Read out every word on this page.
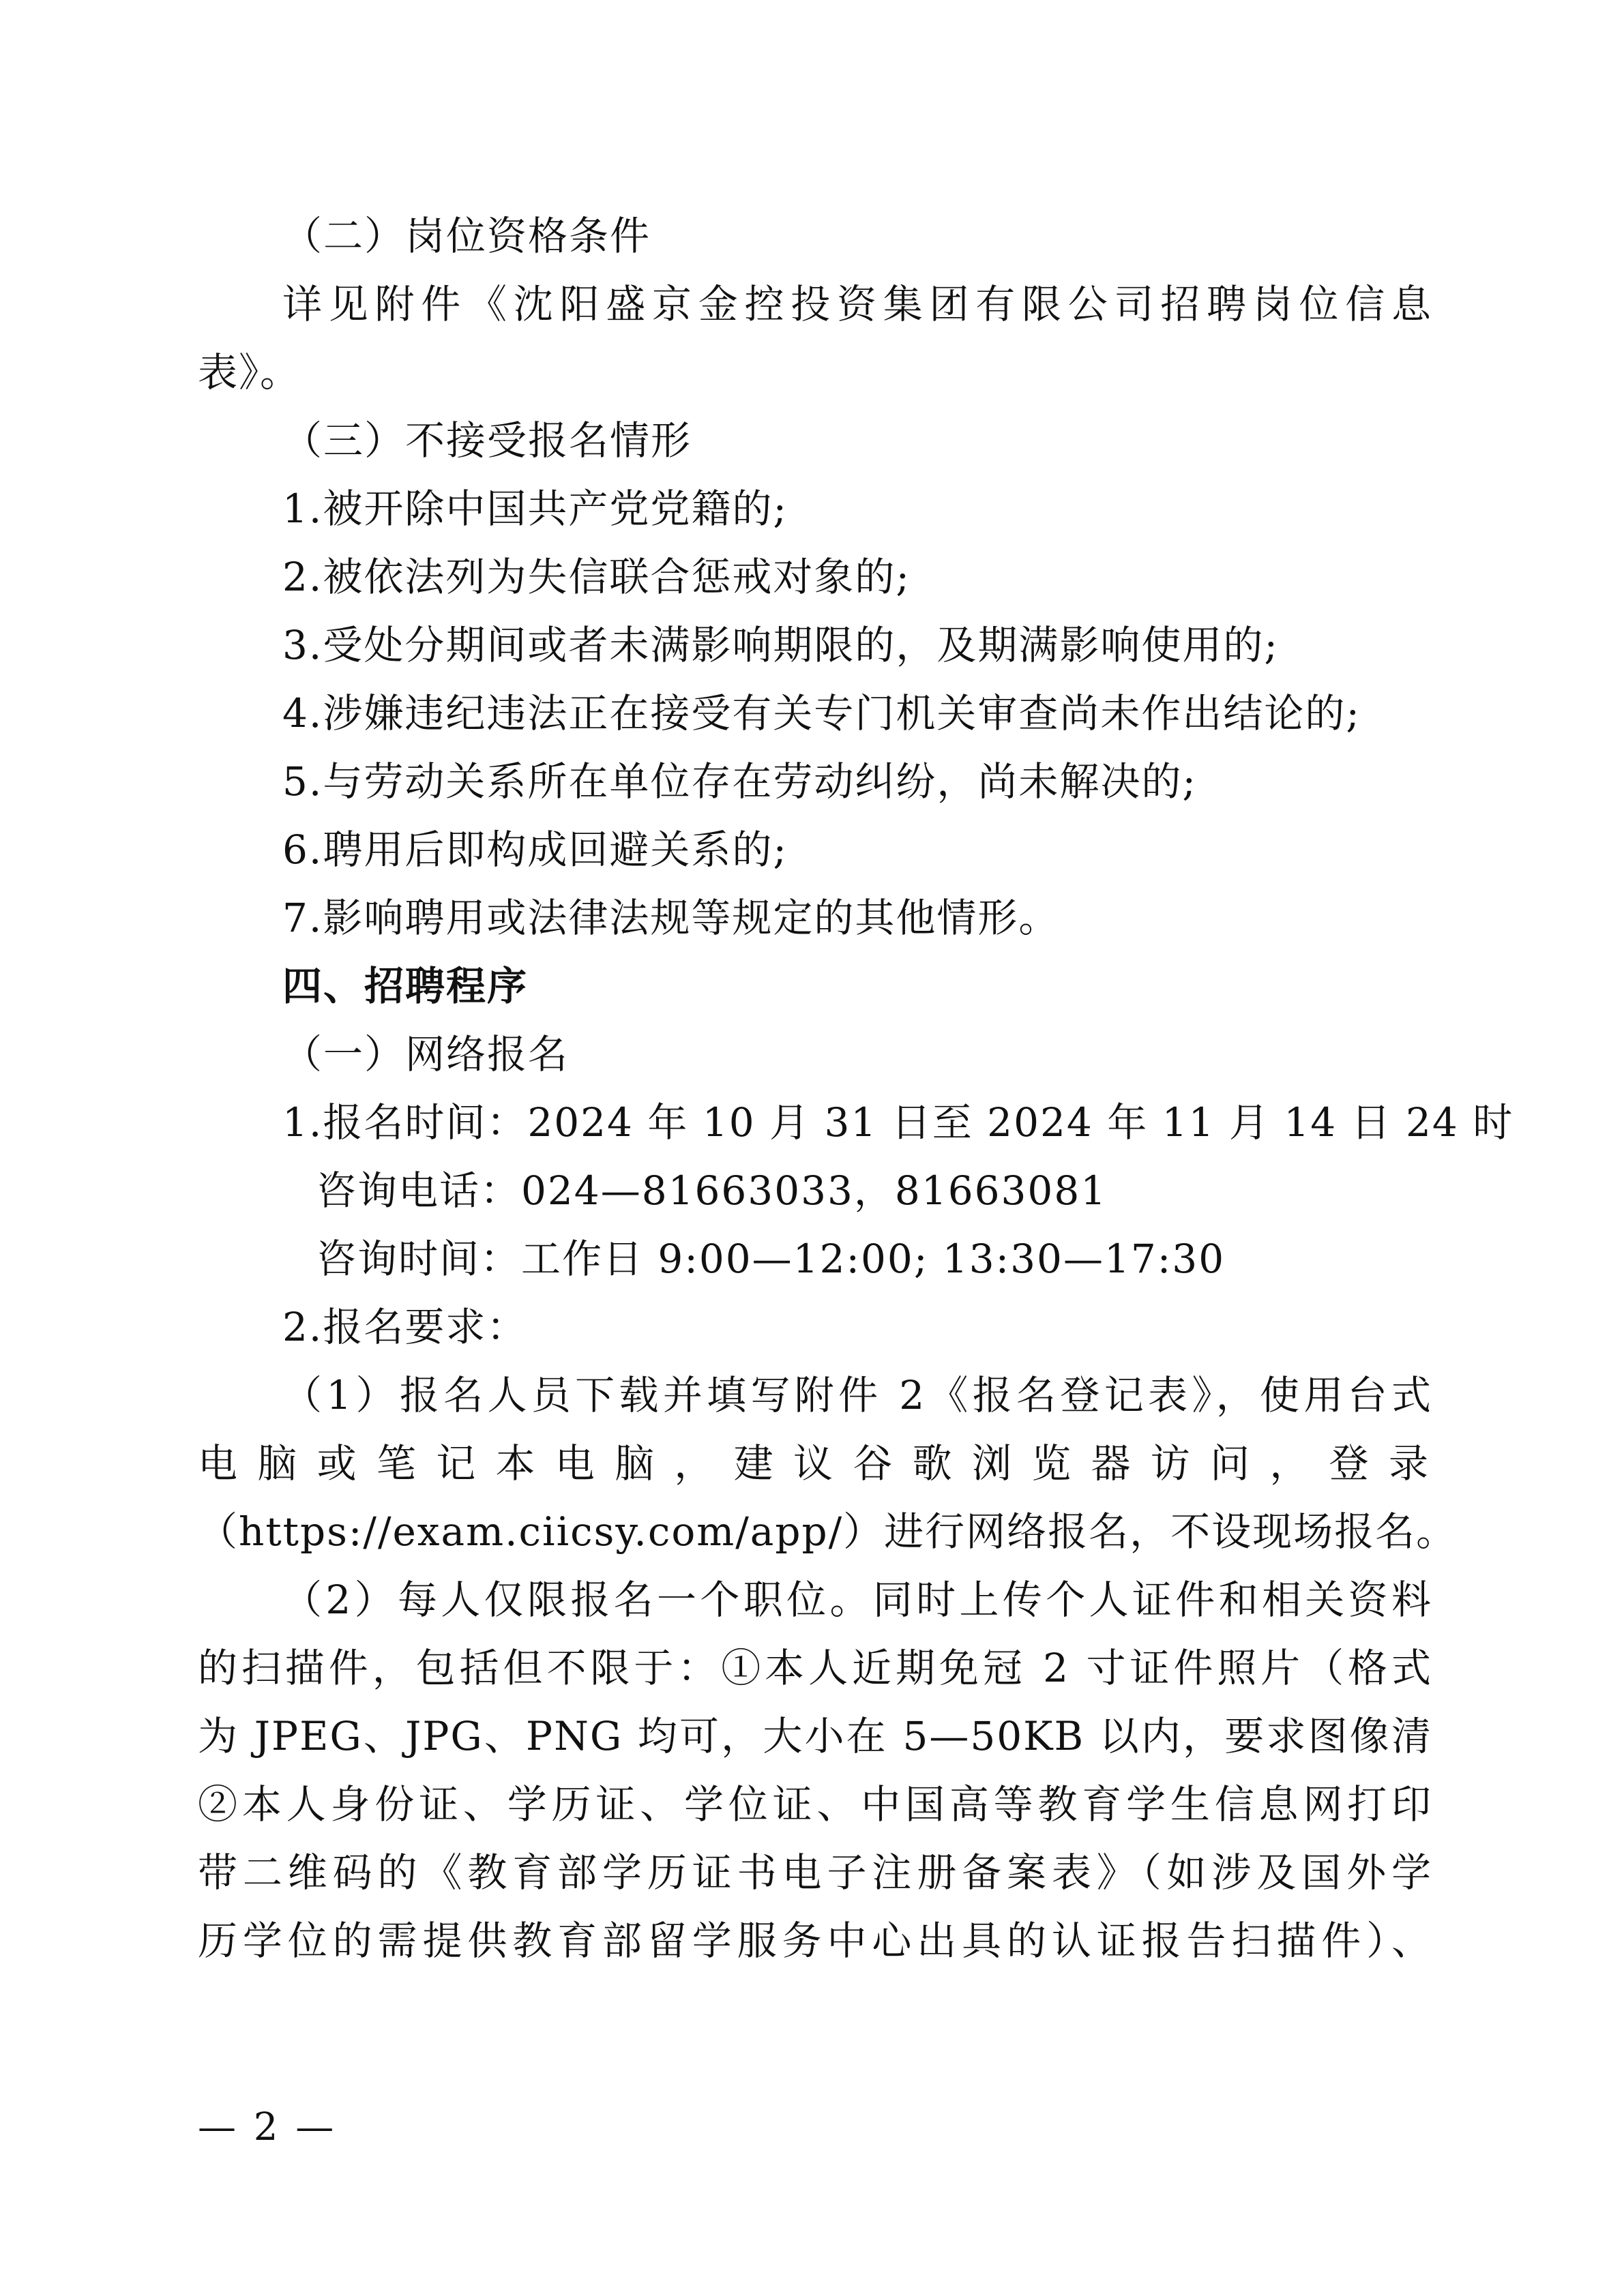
（二）岗位资格条件
详见附件《沈阳盛京金控投资集团有限公司招聘岗位信息
表》。
（三）不接受报名情形
1.被开除中国共产党党籍的;
2.被依法列为失信联合惩戒对象的;
3.受处分期间或者未满影响期限的，及期满影响使用的;
4.涉嫌违纪违法正在接受有关专门机关审查尚未作出结论的;
5.与劳动关系所在单位存在劳动纠纷，尚未解决的;
6.聘用后即构成回避关系的;
7.影响聘用或法律法规等规定的其他情形。
四、招聘程序
（一）网络报名
1.报名时间：2024 年 10 月 31 日至 2024 年 11 月 14 日 24 时
咨询电话：024—81663033，81663081
咨询时间：工作日 9:00—12:00; 13:30—17:30
2.报名要求：
（1）报名人员下载并填写附件 2《报名登记表》，使用台式
电脑或笔记本电脑，建议谷歌浏览器访问，登录
（https://exam.ciicsy.com/app/）进行网络报名，不设现场报名。
（2）每人仅限报名一个职位。同时上传个人证件和相关资料
的扫描件，包括但不限于：①本人近期免冠 2 寸证件照片（格式
为 JPEG、JPG、PNG 均可，大小在 5—50KB 以内，要求图像清
②本人身份证、学历证、学位证、中国高等教育学生信息网打印
带二维码的《教育部学历证书电子注册备案表》（如涉及国外学
历学位的需提供教育部留学服务中心出具的认证报告扫描件）、
— 2 —
